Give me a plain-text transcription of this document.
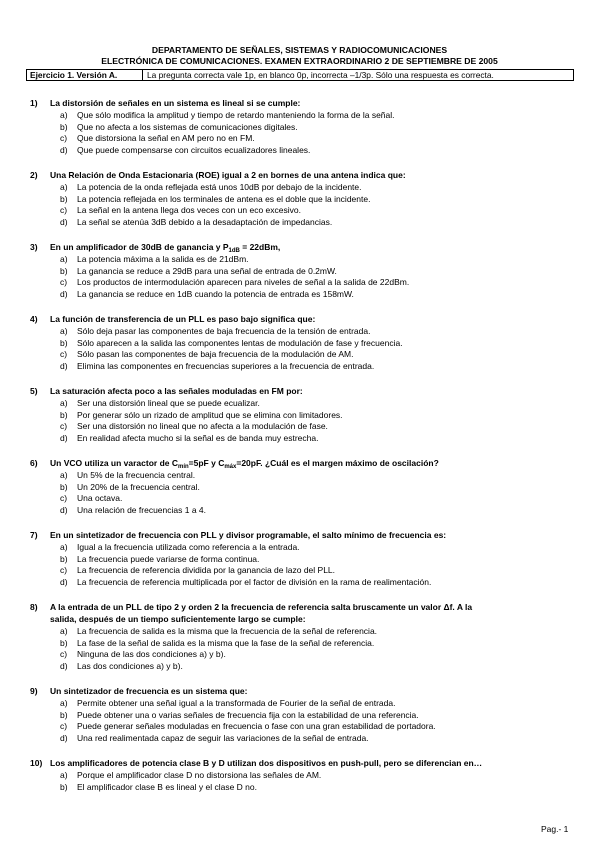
DEPARTAMENTO DE SEÑALES, SISTEMAS Y RADIOCOMUNICACIONES
ELECTRÓNICA DE COMUNICACIONES. EXAMEN EXTRAORDINARIO 2 DE SEPTIEMBRE DE 2005
Ejercicio 1. Versión A.	La pregunta correcta vale 1p, en blanco 0p, incorrecta –1/3p. Sólo una respuesta es correcta.
1) La distorsión de señales en un sistema es lineal si se cumple:
a) Que sólo modifica la amplitud y tiempo de retardo manteniendo la forma de la señal.
b) Que no afecta a los sistemas de comunicaciones digitales.
c) Que distorsiona la señal en AM pero no en FM.
d) Que puede compensarse con circuitos ecualizadores lineales.
2) Una Relación de Onda Estacionaria (ROE) igual a 2 en bornes de una antena indica que:
a) La potencia de la onda reflejada está unos 10dB por debajo de la incidente.
b) La potencia reflejada en los terminales de antena es el doble que la incidente.
c) La señal en la antena llega dos veces con un eco excesivo.
d) La señal se atenúa 3dB debido a la desadaptación de impedancias.
3) En un amplificador de 30dB de ganancia y $P_{1dB} = 22dBm$,
a) La potencia máxima a la salida es de 21dBm.
b) La ganancia se reduce a 29dB para una señal de entrada de 0.2mW.
c) Los productos de intermodulación aparecen para niveles de señal a la salida de 22dBm.
d) La ganancia se reduce en 1dB cuando la potencia de entrada es 158mW.
4) La función de transferencia de un PLL es paso bajo significa que:
a) Sólo deja pasar las componentes de baja frecuencia de la tensión de entrada.
b) Sólo aparecen a la salida las componentes lentas de modulación de fase y frecuencia.
c) Sólo pasan las componentes de baja frecuencia de la modulación de AM.
d) Elimina las componentes en frecuencias superiores a la frecuencia de entrada.
5) La saturación afecta poco a las señales moduladas en FM por:
a) Ser una distorsión lineal que se puede ecualizar.
b) Por generar sólo un rizado de amplitud que se elimina con limitadores.
c) Ser una distorsión no lineal que no afecta a la modulación de fase.
d) En realidad afecta mucho si la señal es de banda muy estrecha.
6) Un VCO utiliza un varactor de $C_{mín}=5pF$ y $C_{máx}=20pF$. ¿Cuál es el margen máximo de oscilación?
a) Un 5% de la frecuencia central.
b) Un 20% de la frecuencia central.
c) Una octava.
d) Una relación de frecuencias 1 a 4.
7) En un sintetizador de frecuencia con PLL y divisor programable, el salto mínimo de frecuencia es:
a) Igual a la frecuencia utilizada como referencia a la entrada.
b) La frecuencia puede variarse de forma continua.
c) La frecuencia de referencia dividida por la ganancia de lazo del PLL.
d) La frecuencia de referencia multiplicada por el factor de división en la rama de realimentación.
8) A la entrada de un PLL de tipo 2 y orden 2 la frecuencia de referencia salta bruscamente un valor Δf. A la
salida, después de un tiempo suficientemente largo se cumple:
a) La frecuencia de salida es la misma que la frecuencia de la señal de referencia.
b) La fase de la señal de salida es la misma que la fase de la señal de referencia.
c) Ninguna de las dos condiciones a) y b).
d) Las dos condiciones a) y b).
9) Un sintetizador de frecuencia es un sistema que:
a) Permite obtener una señal igual a la transformada de Fourier de la señal de entrada.
b) Puede obtener una o varias señales de frecuencia fija con la estabilidad de una referencia.
c) Puede generar señales moduladas en frecuencia o fase con una gran estabilidad de portadora.
d) Una red realimentada capaz de seguir las variaciones de la señal de entrada.
10) Los amplificadores de potencia clase B y D utilizan dos dispositivos en push-pull, pero se diferencian en…
a) Porque el amplificador clase D no distorsiona las señales de AM.
b) El amplificador clase B es lineal y el clase D no.
Pag.- 1
